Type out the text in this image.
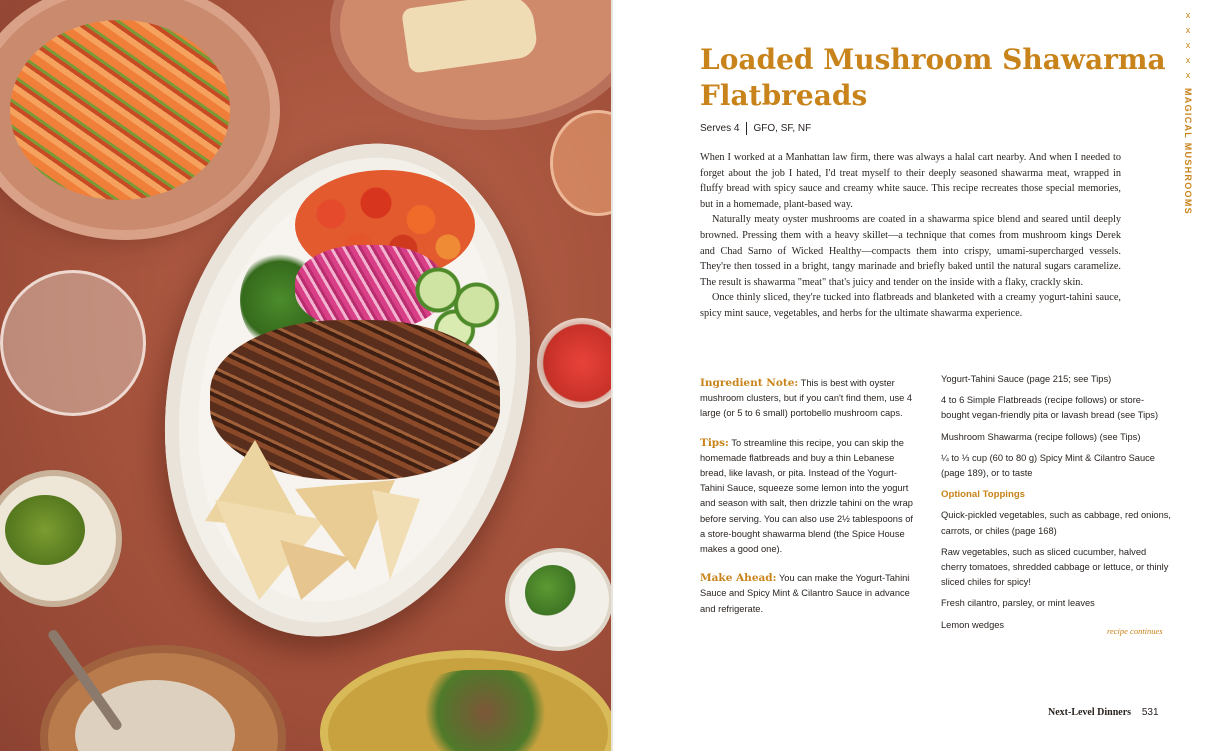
x
x
x
x
x
MAGICAL MUSHROOMS
Loaded Mushroom Shawarma Flatbreads
Serves 4 GFO, SF, NF

When I worked at a Manhattan law firm, there was always a halal cart nearby. And when I needed to forget about the job I hated, I'd treat myself to their deeply seasoned shawarma meat, wrapped in fluffy bread with spicy sauce and creamy white sauce. This recipe recreates those special memories, but in a homemade, plant-based way.

Naturally meaty oyster mushrooms are coated in a shawarma spice blend and seared until deeply browned. Pressing them with a heavy skillet—a technique that comes from mushroom kings Derek and Chad Sarno of Wicked Healthy—compacts them into crispy, umami-supercharged vessels. They're then tossed in a bright, tangy marinade and briefly baked until the natural sugars caramelize. The result is shawarma "meat" that's juicy and tender on the inside with a flaky, crackly skin.

Once thinly sliced, they're tucked into flatbreads and blanketed with a creamy yogurt-tahini sauce, spicy mint sauce, vegetables, and herbs for the ultimate shawarma experience.

Ingredient Note: This is best with oyster mushroom clusters, but if you can't find them, use 4 large (or 5 to 6 small) portobello mushroom caps.
Tips: To streamline this recipe, you can skip the homemade flatbreads and buy a thin Lebanese bread, like lavash, or pita. Instead of the Yogurt-Tahini Sauce, squeeze some lemon into the yogurt and season with salt, then drizzle tahini on the wrap before serving. You can also use 2½ tablespoons of a store-bought shawarma blend (the Spice House makes a good one).
Make Ahead: You can make the Yogurt-Tahini Sauce and Spicy Mint & Cilantro Sauce in advance and refrigerate.
Yogurt-Tahini Sauce (page 215; see Tips)
4 to 6 Simple Flatbreads (recipe follows) or store-bought vegan-friendly pita or lavash bread (see Tips)
Mushroom Shawarma (recipe follows) (see Tips)
¼ to ⅓ cup (60 to 80 g) Spicy Mint & Cilantro Sauce (page 189), or to taste
Optional Toppings
Quick-pickled vegetables, such as cabbage, red onions, carrots, or chiles (page 168)
Raw vegetables, such as sliced cucumber, halved cherry tomatoes, shredded cabbage or lettuce, or thinly sliced chiles for spicy!
Fresh cilantro, parsley, or mint leaves
Lemon wedges
recipe continues
Next-Level Dinners 531
